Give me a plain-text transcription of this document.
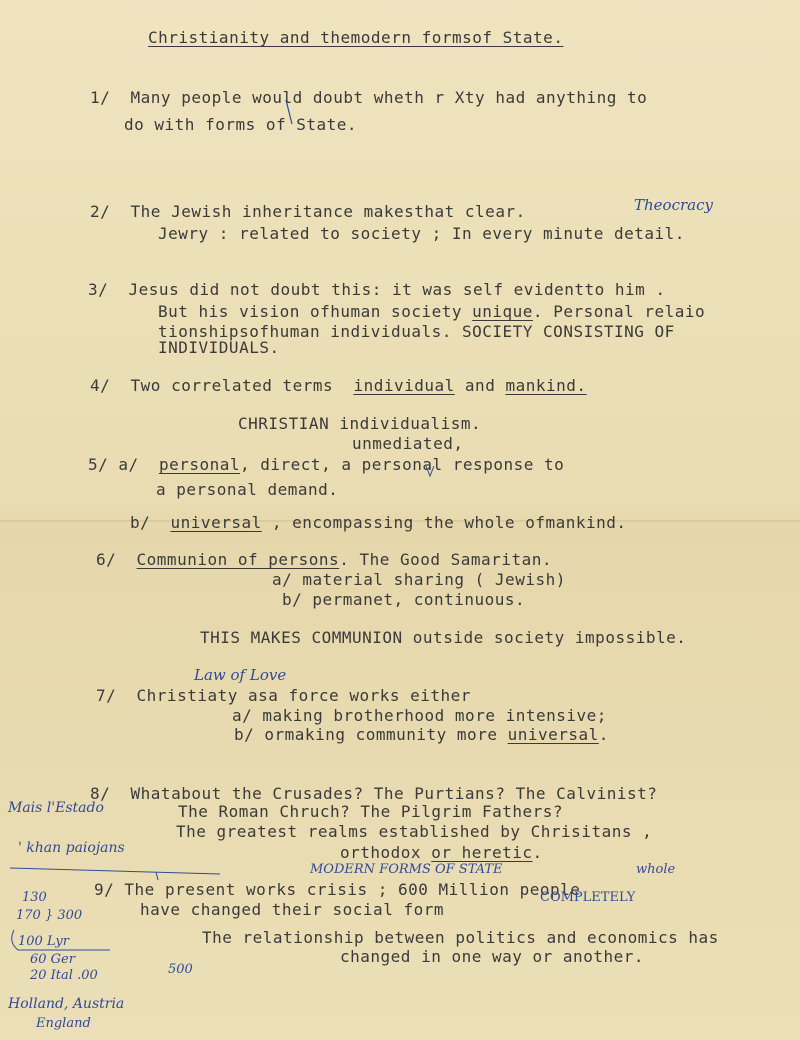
Christianity and themodern formsof State.
1/ Many people would doubt wheth r Xty had anything to
do with forms of State.
2/ The Jewish inheritance makesthat clear.	Theocracy
Jewry : related to society ; In every minute detail.
3/ Jesus did not doubt this: it was self evidentto him .
But his vision ofhuman society unique. Personal relaio
tionshipsofhuman individuals. SOCIETY CONSISTING OF
INDIVIDUALS.
4/ Two correlated terms individual and mankind.
CHRISTIAN individualism.
unmediated,
5/ a/ personal, direct, a personal response to
a personal demand.
b/ universal , encompassing the whole ofmankind.
6/ Communion of persons. The Good Samaritan.
a/ material sharing ( Jewish)
b/ permanet, continuous.
THIS MAKES COMMUNION outside society impossible.
Law of Love
7/ Christiaty asa force works either
a/ making brotherhood more intensive;
b/ ormaking community more universal.
8/ Whatabout the Crusades? The Purtians? The Calvinist?
The Roman Chruch? The Pilgrim Fathers?
The greatest realms established by Chrisitans ,
orthodox or heretic.
MODERN FORMS OF STATE	whole
9/ The present works crisis ; 600 Million people
have changed their social form
COMPLETELY
The relationship between politics and economics has
changed in one way or another.
Mais l'Estado
' khan paiojans
130
170 } 300
100 Lyr
60 Ger
20 Ital .00	500
Holland, Austria
England
